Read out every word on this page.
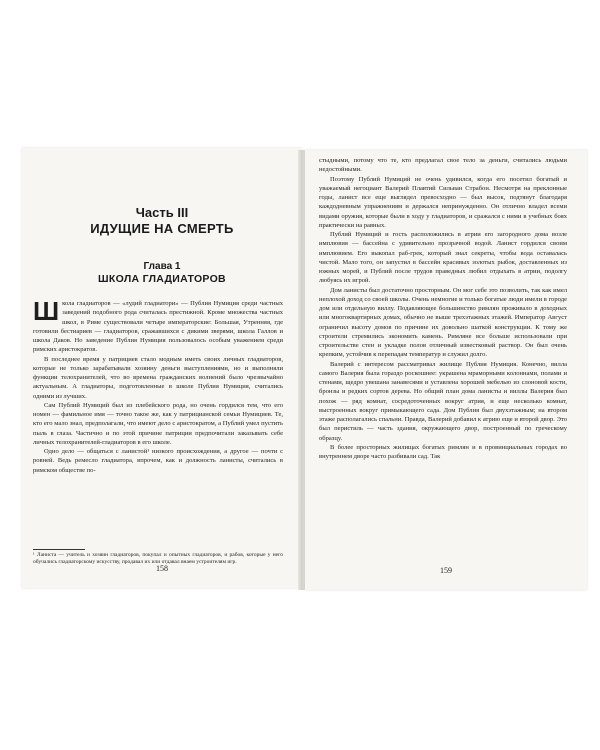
Часть III
ИДУЩИЕ НА СМЕРТЬ
Глава 1
ШКОЛА ГЛАДИАТОРОВ

Школа гладиаторов — «лудий гладиатори» — Публия Нумиция среди частных заведений подобного рода считалась престижной. Кроме множества частных школ, в Риме существовали четыре императорские: Большая, Утренняя, где готовили бестиариев — гладиаторов, сражавшихся с дикими зверями, школа Галлов и школа Даков. Но заведение Публия Нумиция пользовалось особым уважением среди римских аристократов.

В последнее время у патрициев стало модным иметь своих личных гладиаторов, которые не только зарабатывали хозяину деньги выступлениями, но и выполняли функции телохранителей, что во времена гражданских волнений было чрезвычайно актуальным. А гладиаторы, подготовленные в школе Публия Нумиция, считались одними из лучших.

Сам Публий Нумиций был из плебейского рода, но очень гордился тем, что его номен — фамильное имя — точно такое же, как у патрицианской семьи Нумициев. Те, кто его мало знал, предполагали, что имеют дело с аристократом, а Публий умел пустить пыль в глаза. Частично и по этой причине патриции предпочитали заказывать себе личных телохранителей-гладиаторов в его школе.

Одно дело — общаться с ланистой¹ низкого происхождения, а другое — почти с ровней. Ведь ремесло гладиатора, впрочем, как и должность ланисты, считались в римском обществе по-

¹ Ланиста — учитель и хозяин гладиаторов, покупал и опытных гладиаторов, и рабов, которые у него обучались гладиаторскому искусству, продавал их или отдавал внаем устроителям игр.
158

стыдными, потому что те, кто предлагал свое тело за деньги, считались людьми недостойными.

Поэтому Публий Нумиций не очень удивился, когда его посетил богатый и уважаемый негоциант Валерий Плавтий Сильван Страбон. Несмотря на преклонные годы, ланист все еще выглядел превосходно — был высок, подтянут благодаря каждодневным упражнениям и держался непринужденно. Он отлично владел всеми видами оружия, которые были в ходу у гладиаторов, и сражался с ними в учебных боях практически на равных.

Публий Нумиций и гость расположились в атрии его загородного дома возле имплювия — бассейна с удивительно прозрачной водой. Ланист гордился своим имплювием. Его выкопал раб-грек, который знал секреты, чтобы вода оставалась чистой. Мало того, он запустил в бассейн красивых золотых рыбок, доставленных из южных морей, и Публий после трудов праведных любил отдыхать в атрии, подолгу любуясь их игрой.

Дом ланисты был достаточно просторным. Он мог себе это позволить, так как имел неплохой доход со своей школы. Очень немногие и только богатые люди имели в городе дом или отдельную виллу. Подавляющее большинство римлян проживало в доходных или многоквартирных домах, обычно не выше трехэтажных этажей. Император Август ограничил высоту домов по причине их довольно шаткой конструкции. К тому же строители стремились экономить камень. Римляне все больше использовали при строительстве стен и укладке полов отличный известковый раствор. Он был очень крепким, устойчив к перепадам температур и служил долго.

Валерий с интересом рассматривал жилище Публия Нумиция. Конечно, вилла самого Валерия была гораздо роскошнее: украшена мраморными колоннами, полами и стенами, щедро увешана занавесями и уставлена хорошей мебелью из слоновой кости, бронзы и редких сортов дерева. Но общий план дома ланисты и виллы Валерия был похож — ряд комнат, сосредоточенных вокруг атрия, и еще несколько комнат, выстроенных вокруг примыкающего сада. Дом Публия был двухэтажным; на втором этаже располагались спальни. Правда, Валерий добавил к атрию еще и второй двор. Это был перистиль — часть здания, окружающего двор, построенный по греческому образцу.

В более просторных жилищах богатых римлян и в провинциальных городах во внутреннем дворе часто разбивали сад. Так

159
